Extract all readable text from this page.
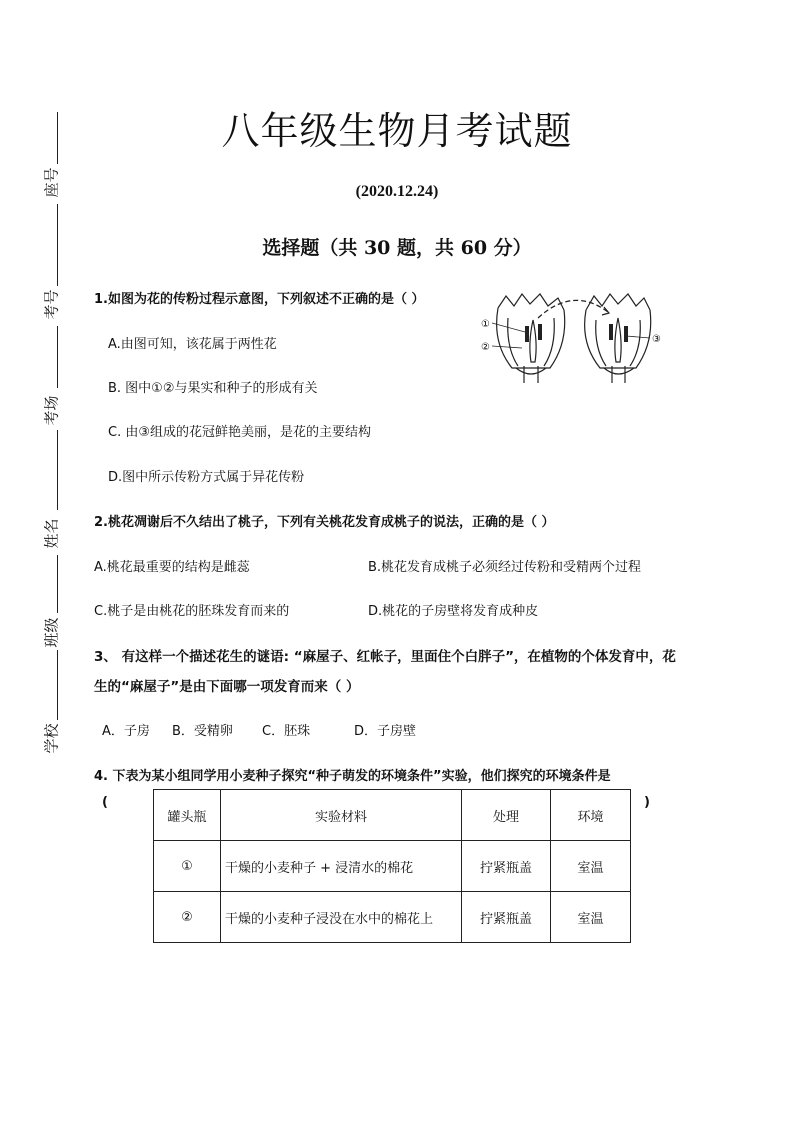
座号
考号
考场
姓名
班级
学校
八年级生物月考试题
(2020.12.24)
选择题（共 30 题，共 60 分）
1.如图为花的传粉过程示意图，下列叙述不正确的是（ ）
A.由图可知，该花属于两性花
B. 图中①②与果实和种子的形成有关
C. 由③组成的花冠鲜艳美丽，是花的主要结构
D.图中所示传粉方式属于异花传粉
①
②
③
2.桃花凋谢后不久结出了桃子，下列有关桃花发育成桃子的说法，正确的是（ ）
A.桃花最重要的结构是雌蕊	B.桃花发育成桃子必须经过传粉和受精两个过程
C.桃子是由桃花的胚珠发育而来的	D.桃花的子房壁将发育成种皮
3、 有这样一个描述花生的谜语: “麻屋子、红帐子，里面住个白胖子”，在植物的个体发育中，花
生的“麻屋子”是由下面哪一项发育而来（ ）
A．子房 B．受精卵 C．胚珠	D．子房壁
4. 下表为某小组同学用小麦种子探究“种子萌发的环境条件”实验，他们探究的环境条件是
(	)
罐头瓶	实验材料	处理	环境
①	干燥的小麦种子 + 浸清水的棉花	拧紧瓶盖	室温
②	干燥的小麦种子浸没在水中的棉花上	拧紧瓶盖	室温
